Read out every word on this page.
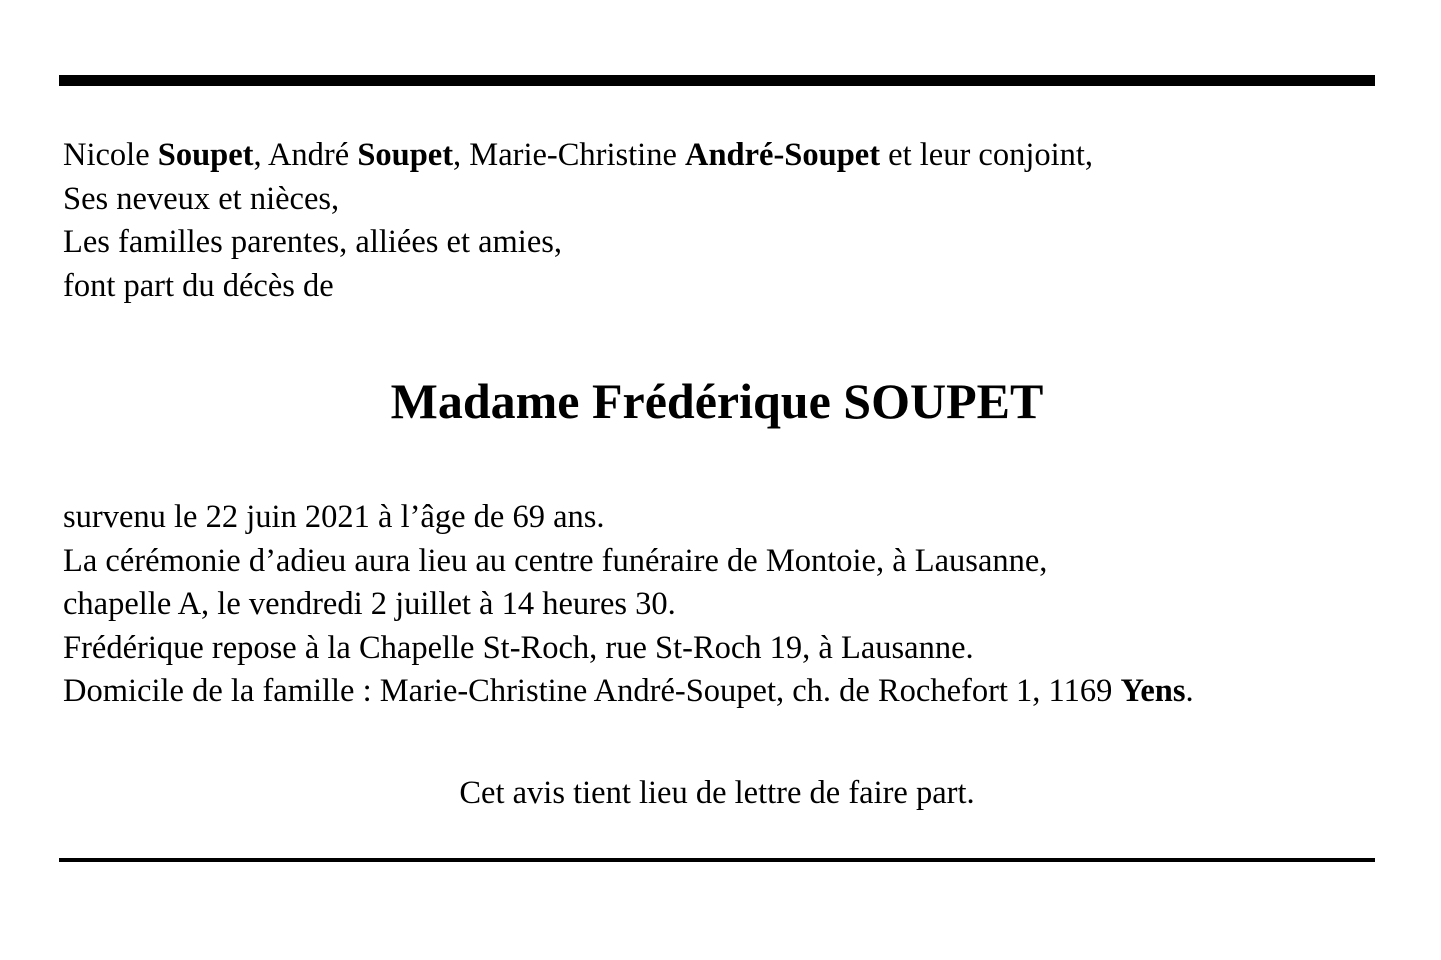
Nicole Soupet, André Soupet, Marie-Christine André-Soupet et leur conjoint,
Ses neveux et nièces,
Les familles parentes, alliées et amies,
font part du décès de
Madame Frédérique SOUPET
survenu le 22 juin 2021 à l’âge de 69 ans.
La cérémonie d’adieu aura lieu au centre funéraire de Montoie, à Lausanne,
chapelle A, le vendredi 2 juillet à 14 heures 30.
Frédérique repose à la Chapelle St-Roch, rue St-Roch 19, à Lausanne.
Domicile de la famille : Marie-Christine André-Soupet, ch. de Rochefort 1, 1169 Yens.
Cet avis tient lieu de lettre de faire part.
